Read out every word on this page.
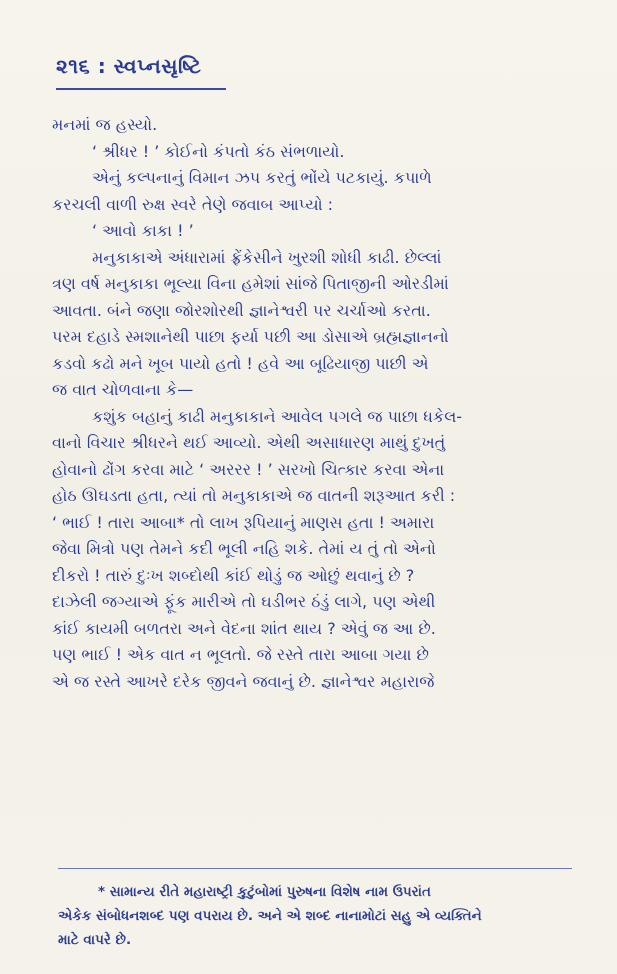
૨૧૬ : સ્વપ્નસૃષ્ટિ
મનમાં જ હસ્યો.
‘ શ્રીધર ! ’ કોઈનો કંપતો કંઠ સંભળાયો.
એનું કલ્પનાનું વિમાન ઝપ કરતું ભોંયે પટકાયું. કપાળે
કરચલી વાળી રુક્ષ સ્વરે તેણે જવાબ આપ્યો :
‘ આવો કાકા ! ’
મનુકાકાએ અંધારામાં ફ્રેંકેસીને ખુરશી શોધી કાઢી. છેલ્લાં
ત્રણ વર્ષ મનુકાકા ભૂલ્યા વિના હમેશાં સાંજે પિતાજીની ઓરડીમાં
આવતા. બંને જણા જોરશોરથી જ્ઞાનેશ્વરી પર ચર્ચાઓ કરતા.
પરમ દહાડે સ્મશાનેથી પાછા ફર્યા પછી આ ડોસાએ બ્રહ્મજ્ઞાનનો
કડવો કઢો મને ખૂબ પાયો હતો ! હવે આ બૂઢિયાજી પાછી એ
જ વાત ચોળવાના કે—
કશુંક બહાનું કાઢી મનુકાકાને આવેલ પગલે જ પાછા ધકેલ-
વાનો વિચાર શ્રીધરને થઈ આવ્યો. એથી અસાધારણ માથું દુખતું
હોવાનો ઢોંગ કરવા માટે ‘ અરરર ! ’ સરખો ચિત્કાર કરવા એના
હોઠ ઊઘડતા હતા, ત્યાં તો મનુકાકાએ જ વાતની શરૂઆત કરી :
‘ ભાઈ ! તારા આબા* તો લાખ રૂપિયાનું માણસ હતા ! અમારા
જેવા મિત્રો પણ તેમને કદી ભૂલી નહિ શકે. તેમાં ય તું તો એનો
દીકરો ! તારું દુઃખ શબ્દોથી કાંઈ થોડું જ ઓછું થવાનું છે ?
દાઝેલી જગ્યાએ ફૂંક મારીએ તો ઘડીભર ઠંડું લાગે, પણ એથી
કાંઈ કાયમી બળતરા અને વેદના શાંત થાય ? એવું જ આ છે.
પણ ભાઈ ! એક વાત ન ભૂલતો. જે રસ્તે તારા આબા ગયા છે
એ જ રસ્તે આખરે દરેક જીવને જવાનું છે. જ્ઞાનેશ્વર મહારાજે
* સામાન્ય રીતે મહારાષ્ટ્રી કુટુંબોમાં પુરુષના વિશેષ નામ ઉપરાંત
એકેક સંબોધનશબ્દ પણ વપરાય છે. અને એ શબ્દ નાનામોટાં સહુ એ વ્યક્તિને
માટે વાપરે છે.
